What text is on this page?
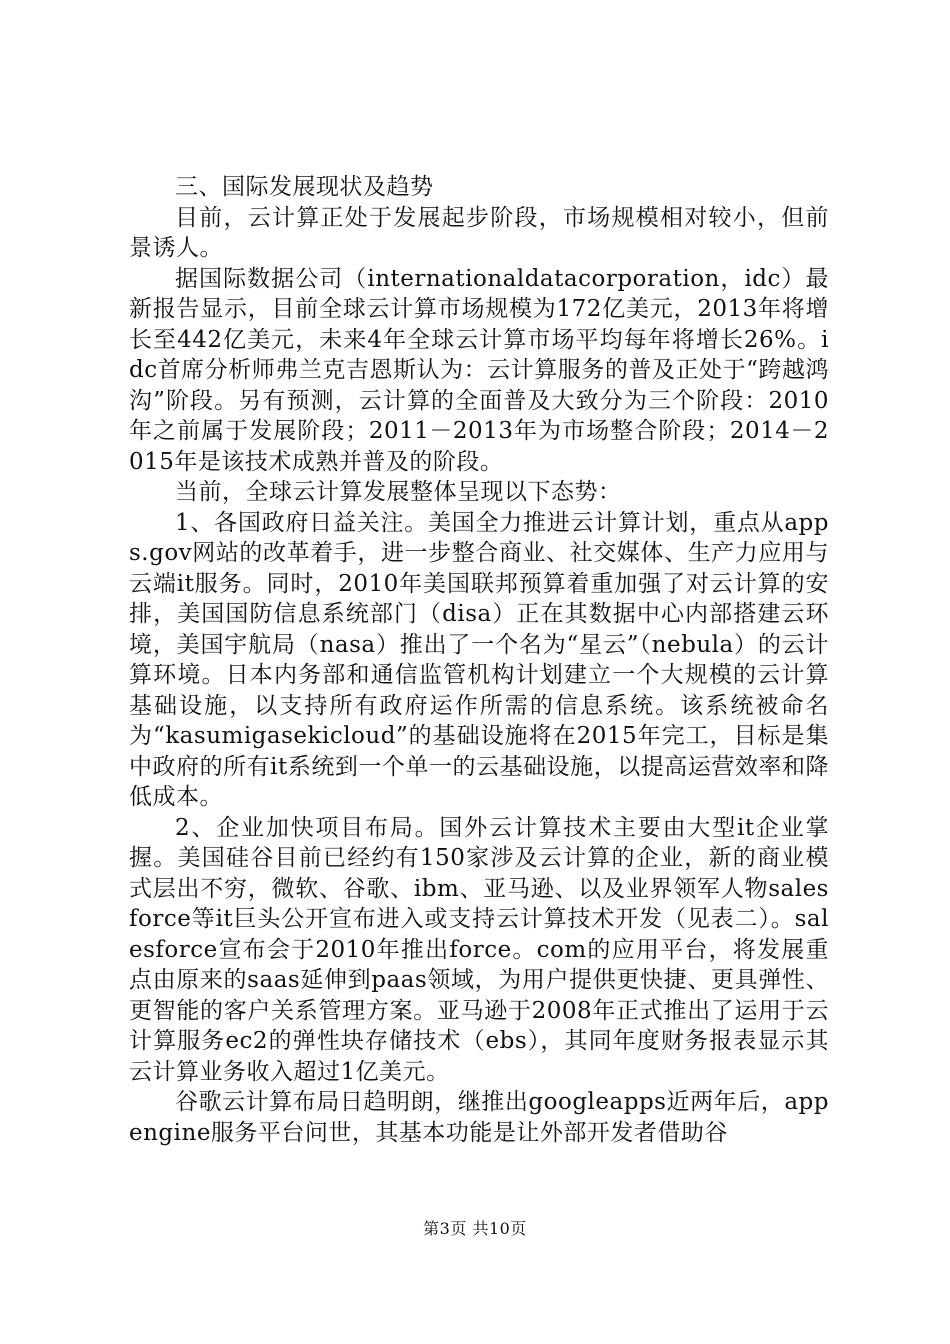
三、国际发展现状及趋势

目前，云计算正处于发展起步阶段，市场规模相对较小，但前景诱人。

据国际数据公司（internationaldatacorporation，idc）最新报告显示，目前全球云计算市场规模为172亿美元，2013年将增长至442亿美元，未来4年全球云计算市场平均每年将增长26%。idc首席分析师弗兰克吉恩斯认为：云计算服务的普及正处于“跨越鸿沟”阶段。另有预测，云计算的全面普及大致分为三个阶段：2010年之前属于发展阶段；2011－2013年为市场整合阶段；2014－2015年是该技术成熟并普及的阶段。

当前，全球云计算发展整体呈现以下态势：

1、各国政府日益关注。美国全力推进云计算计划，重点从apps.gov网站的改革着手，进一步整合商业、社交媒体、生产力应用与云端it服务。同时，2010年美国联邦预算着重加强了对云计算的安排，美国国防信息系统部门（disa）正在其数据中心内部搭建云环境，美国宇航局（nasa）推出了一个名为“星云”（nebula）的云计算环境。日本内务部和通信监管机构计划建立一个大规模的云计算基础设施，以支持所有政府运作所需的信息系统。该系统被命名为“kasumigasekicloud”的基础设施将在2015年完工，目标是集中政府的所有it系统到一个单一的云基础设施，以提高运营效率和降低成本。

2、企业加快项目布局。国外云计算技术主要由大型it企业掌握。美国硅谷目前已经约有150家涉及云计算的企业，新的商业模式层出不穷，微软、谷歌、ibm、亚马逊、以及业界领军人物salesforce等it巨头公开宣布进入或支持云计算技术开发（见表二）。salesforce宣布会于2010年推出force。com的应用平台，将发展重点由原来的saas延伸到paas领域，为用户提供更快捷、更具弹性、更智能的客户关系管理方案。亚马逊于2008年正式推出了运用于云计算服务ec2的弹性块存储技术（ebs），其同年度财务报表显示其云计算业务收入超过1亿美元。

谷歌云计算布局日趋明朗，继推出googleapps近两年后，appengine服务平台问世，其基本功能是让外部开发者借助谷

第3页 共10页
